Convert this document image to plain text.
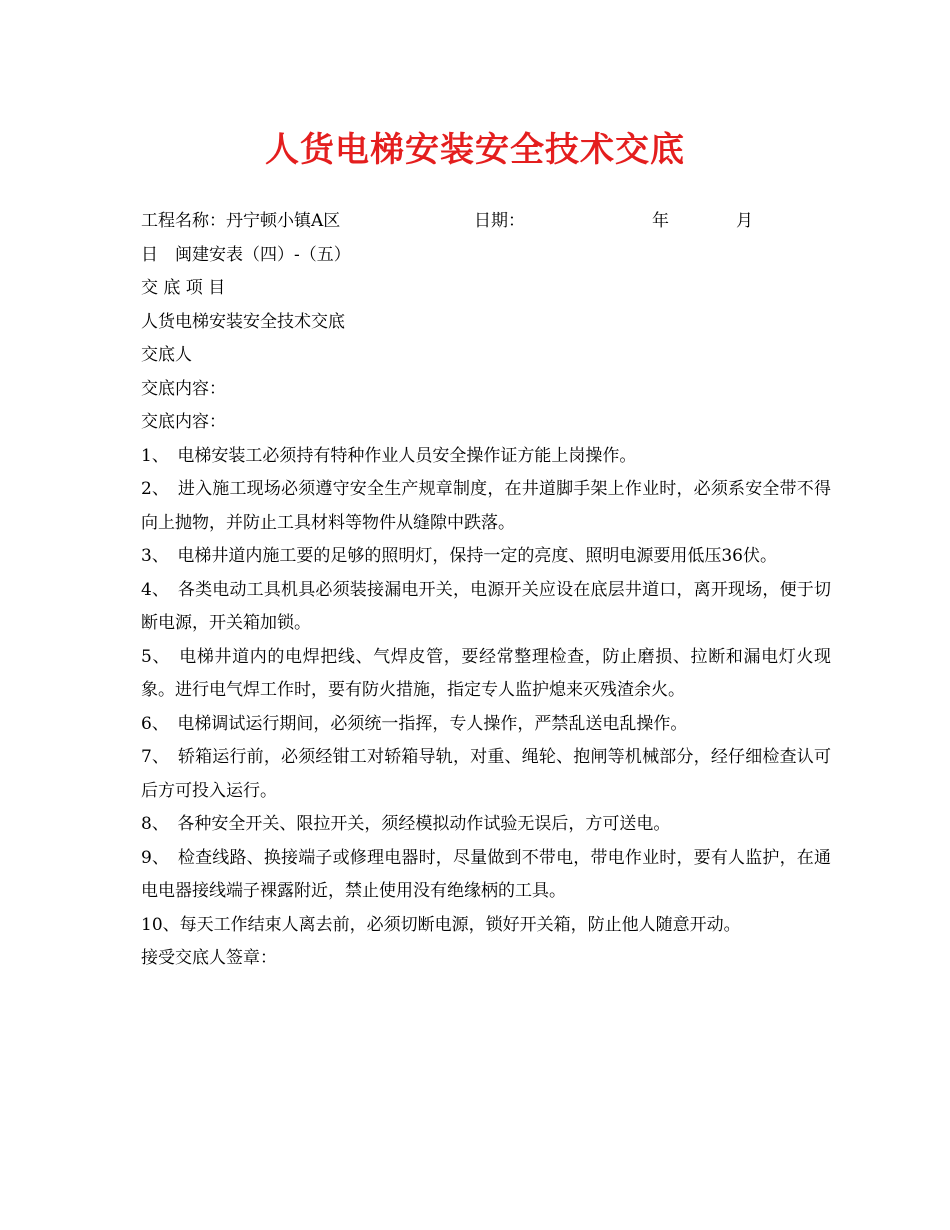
人货电梯安装安全技术交底
工程名称：丹宁顿小镇A区	日期：	年	月
日　闽建安表（四）-（五）
交 底 项 目
人货电梯安装安全技术交底
交底人
交底内容：
交底内容：
1、　电梯安装工必须持有特种作业人员安全操作证方能上岗操作。
2、　进入施工现场必须遵守安全生产规章制度，在井道脚手架上作业时，必须系安全带不得向上抛物，并防止工具材料等物件从缝隙中跌落。
3、　电梯井道内施工要的足够的照明灯，保持一定的亮度、照明电源要用低压36伏。
4、　各类电动工具机具必须装接漏电开关，电源开关应设在底层井道口，离开现场，便于切断电源，开关箱加锁。
5、　电梯井道内的电焊把线、气焊皮管，要经常整理检查，防止磨损、拉断和漏电灯火现象。进行电气焊工作时，要有防火措施，指定专人监护熄来灭残渣余火。
6、　电梯调试运行期间，必须统一指挥，专人操作，严禁乱送电乱操作。
7、　轿箱运行前，必须经钳工对轿箱导轨，对重、绳轮、抱闸等机械部分，经仔细检查认可后方可投入运行。
8、　各种安全开关、限拉开关，须经模拟动作试验无误后，方可送电。
9、　检查线路、换接端子或修理电器时，尽量做到不带电，带电作业时，要有人监护，在通电电器接线端子裸露附近，禁止使用没有绝缘柄的工具。
10、每天工作结束人离去前，必须切断电源，锁好开关箱，防止他人随意开动。
接受交底人签章：
